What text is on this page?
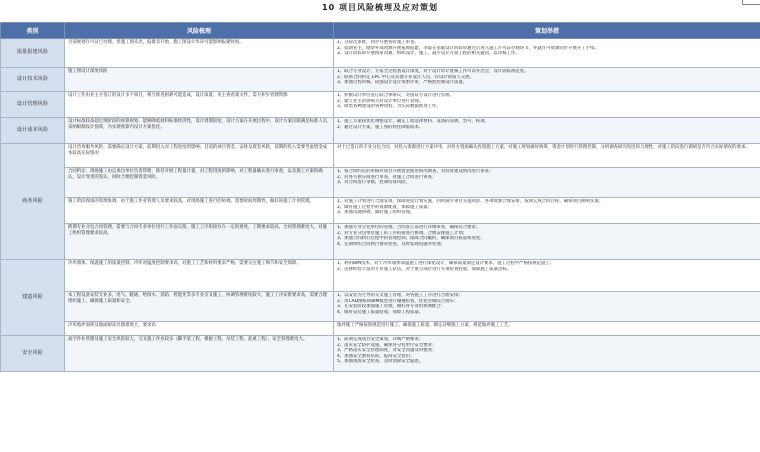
10 项目风险梳理及应对策划
类别	风险梳理	策划举措
报批报建风险	目前规划许可证已办理，但施工图未出，报建未开始，施工图设计库存可能影响报建时间。	1、分段次审批，同步开展各阶施工审查。
2、借助业主、勘察外部资源开展报规报建，争取在基础设计阶段审通过后进入施工许可证办理环节，并就许可资源同步开展开工手续。
3、设计阶段即开展图审沟通，组织设计、施工、减少设计方面工程的相关疑问，以审核工作。

设计技术风险	施工图设计深度风险	1、联合专业设计，专家全过程查设计深度，对于设计审计复核工作可以外出会，设计面临规范度。
2、联系合同约定 EPC 中心及其他专业设计人员，有设计资质人交底。
3、加强过程审核，较强设计设计成果评审，严格把控制设计质量。

设计管理风险	设计工作由业主方签订的设计多个项目，相互推进困难可能造成，设计质量、业主查看案文件，需方积少管理资源	1、积极设计单位签订联合体协议，对接双方设计进行管理。
2、建立业主的影响力对设计单位进行管理。
3、收集各种建设的各种资料，为实际数据推进工作。

设计成本风险	设计标准较高超过现阶段的预算规划，能够降低材料标准经济性，设计周期较短，设计方案在开展过程中，设计方案仅限满足标准人员采纳限制设计预算，为实现预算内设计方案优化。	1、施工方案按优化调整设计，确定工程选择材料、设备的品牌，型号，标准；
2、通过设计方案，施工图的优化降低成本。

商务风险	设计咨询服务风险，需要确定设计方案，前期投入对工程进度的影响；目前的项目资金，安排及资金风险，前期的投入需要考虑资金成本较高实际情况	对于已签订的专业分包合同，对投入资源进行方案评审，对各方资源确认投资施工方案，对施工规划做好统筹，资金计划进行管理控制，分析调查研究进度的合理性，对施工阶段进行调研是否符合实际情况的要求。

	合同约定：现场施工由总承包单位负责管理，推荐开展工程量计量，对工程进度的影响，对工程量确认进行审查，以及施工方案的确认，设计变更的签认，同时合理控制资金风险。	1、按合同约定的审核对项目开展资金使用情况调查，对投资建设情况进行审查；
2、对各方供应商进行审查，对施工合同进行审查；
3、对合同进行审核，控制结算风险。

	施工阶段现场的管理协调，由于施工作业管理人员要求较高，对现场施工进行的协调，需要时间周期性，做好的施工计划管理。	1、对施工计划进行合理安排，保障进度计划实施，同时减少项目实施风险，各项资源合理安排，按期完成合同目标，确保项目顺利实施；
2、做好施工过程中的资源配置，保障施工质量；
3、加强沟通协调，做好施工组织管理。

	跨期专业分包合同管理，需要与合同专业单位进行工作面交接，施工工序衔接存在一定的难度，工期要求较高，合同管理难度大，对施工组织管理要求较高。	1、加强专业分包单位的管理，合同签订前进行详细审查，确保符合要求；
2、对专业分包单位施工的工序衔接进行协调，合理安排施工计划；
3、加强合同执行过程中的管理控制，保障合同履约，确保项目质量和进度；
4、定期组织合同执行情况检查，及时发现问题并处理。

建造风险	冷库墙体、保温施工的质量控制，冷库对温度控制要求高，对施工工艺和材料要求严格，需要关注施工细节和安全保障。	1、利用BIM技术，对于冷库墙体保温施工进行深化设计，确保质量满足设计要求，施工过程中严格按规范施工；
2、选择经验丰富的专业施工队伍，对于重点部位进行专项检查验收，保障施工质量达标。

	本工程设备安装专业多，电气、暖通、给排水、消防、智能化等多专业交叉施工，协调管理难度较大，施工工序安排要求高，需要合理组织施工，确保施工质量和安全。	1、以安装为主导的交叉施工管理，对各施工工序进行合理安排；
2、用CAD图纸和BIM模型进行碰撞检查，优化管线综合排布；
3、在安装阶段加强施工管理，做好各专业的协调配合；
4、做好安装施工质量验收，保障工程质量。

	冷库地坪面积及地面耐冻处理难度大，要求高	地坪施工严格按照规范进行施工，确保施工质量，制定详细施工方案，规范地坪施工工艺。

安全风险	高空作业管理及施工安全风险较大，交叉施工作业较多（脚手架工程、模板工程、吊装工程、起重工程），安全管理难度大。	1、前期完成项目安全策划，详细严格要求；
2、落实安全防护设施，确保各分包单位安全要求；
3、严格落实安全管理制度，对安全问题及时整改；
4、加强安全教育培训，提高安全意识；
5、加强现场安全检查，及时消除安全隐患。
